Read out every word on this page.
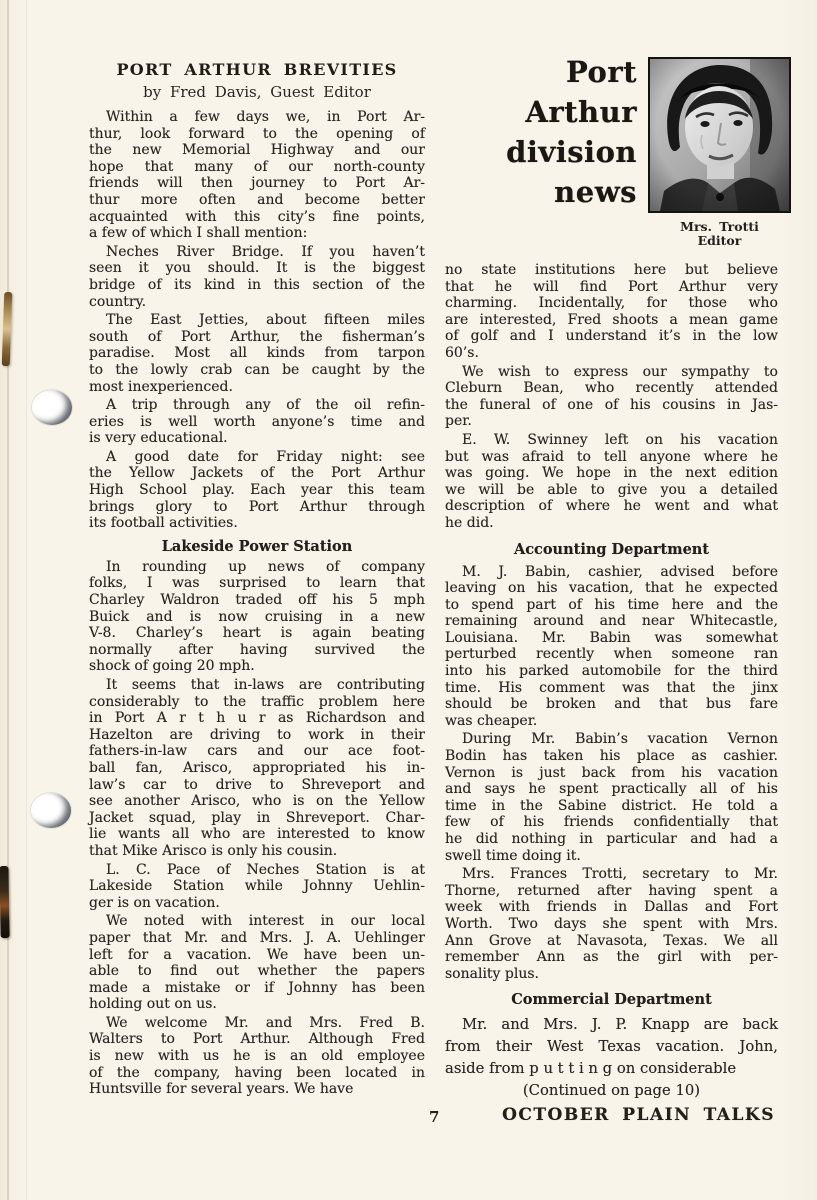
PORT ARTHUR BREVITIES
by Fred Davis, Guest Editor
Within a few days we, in Port Ar-
thur, look forward to the opening of
the new Memorial Highway and our
hope that many of our north-county
friends will then journey to Port Ar-
thur more often and become better
acquainted with this city’s fine points,
a few of which I shall mention:
Neches River Bridge. If you haven’t
seen it you should. It is the biggest
bridge of its kind in this section of the
country.
The East Jetties, about fifteen miles
south of Port Arthur, the fisherman’s
paradise. Most all kinds from tarpon
to the lowly crab can be caught by the
most inexperienced.
A trip through any of the oil refin-
eries is well worth anyone’s time and
is very educational.
A good date for Friday night: see
the Yellow Jackets of the Port Arthur
High School play. Each year this team
brings glory to Port Arthur through
its football activities.
Lakeside Power Station
In rounding up news of company
folks, I was surprised to learn that
Charley Waldron traded off his 5 mph
Buick and is now cruising in a new
V-8. Charley’s heart is again beating
normally after having survived the
shock of going 20 mph.
It seems that in-laws are contributing
considerably to the traffic problem here
in Port A r t h u r as Richardson and
Hazelton are driving to work in their
fathers-in-law cars and our ace foot-
ball fan, Arisco, appropriated his in-
law’s car to drive to Shreveport and
see another Arisco, who is on the Yellow
Jacket squad, play in Shreveport. Char-
lie wants all who are interested to know
that Mike Arisco is only his cousin.
L. C. Pace of Neches Station is at
Lakeside Station while Johnny Uehlin-
ger is on vacation.
We noted with interest in our local
paper that Mr. and Mrs. J. A. Uehlinger
left for a vacation. We have been un-
able to find out whether the papers
made a mistake or if Johnny has been
holding out on us.
We welcome Mr. and Mrs. Fred B.
Walters to Port Arthur. Although Fred
is new with us he is an old employee
of the company, having been located in
Huntsville for several years. We have
Port Arthur
division
news
Mrs. Trotti
Editor
no state institutions here but believe
that he will find Port Arthur very
charming. Incidentally, for those who
are interested, Fred shoots a mean game
of golf and I understand it’s in the low
60’s.
We wish to express our sympathy to
Cleburn Bean, who recently attended
the funeral of one of his cousins in Jas-
per.
E. W. Swinney left on his vacation
but was afraid to tell anyone where he
was going. We hope in the next edition
we will be able to give you a detailed
description of where he went and what
he did.
Accounting Department
M. J. Babin, cashier, advised before
leaving on his vacation, that he expected
to spend part of his time here and the
remaining around and near Whitecastle,
Louisiana. Mr. Babin was somewhat
perturbed recently when someone ran
into his parked automobile for the third
time. His comment was that the jinx
should be broken and that bus fare
was cheaper.
During Mr. Babin’s vacation Vernon
Bodin has taken his place as cashier.
Vernon is just back from his vacation
and says he spent practically all of his
time in the Sabine district. He told a
few of his friends confidentially that
he did nothing in particular and had a
swell time doing it.
Mrs. Frances Trotti, secretary to Mr.
Thorne, returned after having spent a
week with friends in Dallas and Fort
Worth. Two days she spent with Mrs.
Ann Grove at Navasota, Texas. We all
remember Ann as the girl with per-
sonality plus.
Commercial Department
Mr. and Mrs. J. P. Knapp are back
from their West Texas vacation. John,
aside from p u t t i n g on considerable
(Continued on page 10)
7	OCTOBER PLAIN TALKS
